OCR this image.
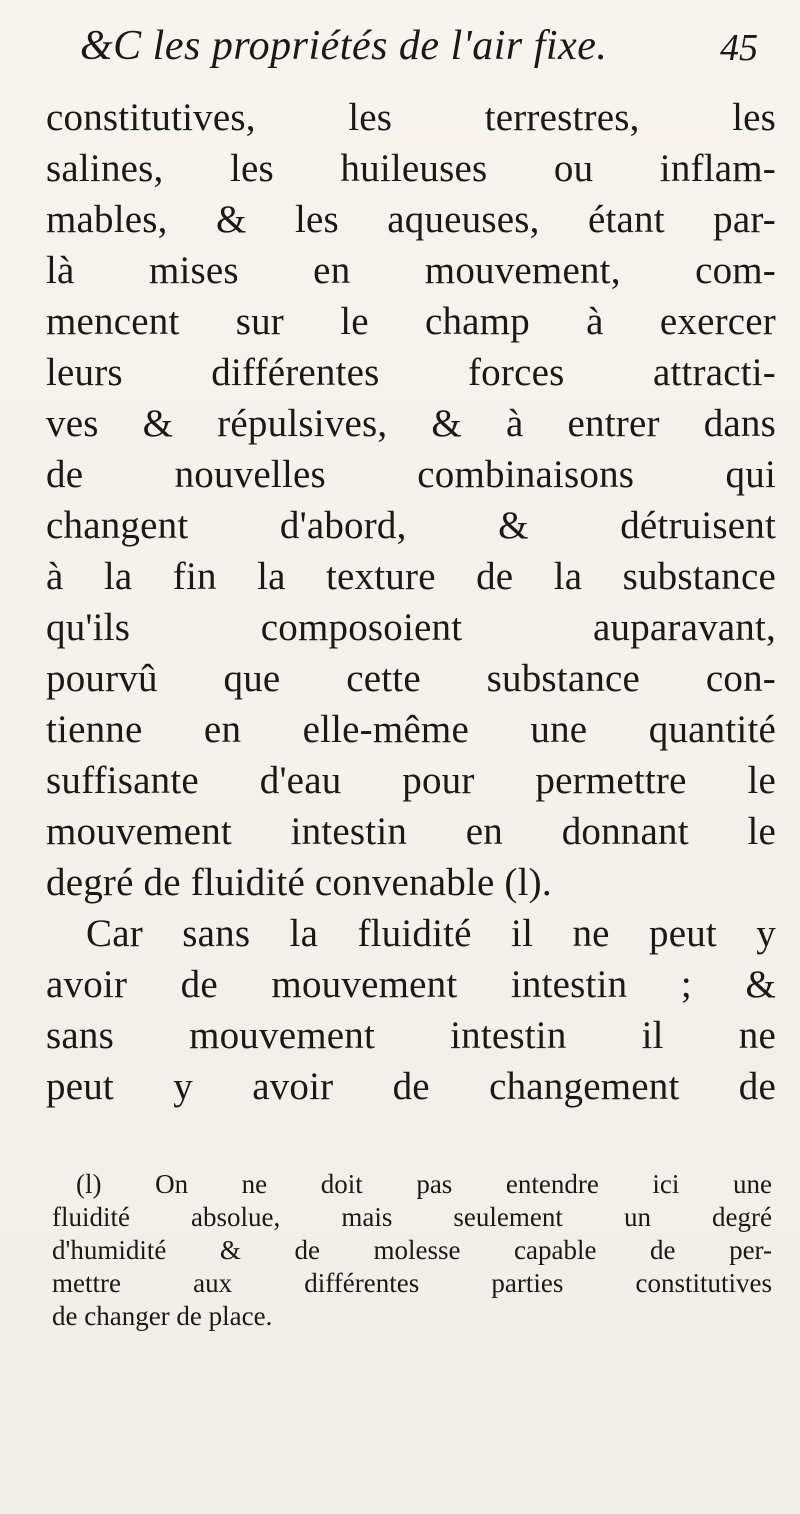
&C les propriétés de l'air fixe.	45
constitutives, les terrestres, les
salines, les huileuses ou inflam-
mables, & les aqueuses, étant par-
là mises en mouvement, com-
mencent sur le champ à exercer
leurs différentes forces attracti-
ves & répulsives, & à entrer dans
de nouvelles combinaisons qui
changent d'abord, & détruisent
à la fin la texture de la substance
qu'ils composoient auparavant,
pourvû que cette substance con-
tienne en elle-même une quantité
suffisante d'eau pour permettre le
mouvement intestin en donnant le
degré de fluidité convenable (l).
Car sans la fluidité il ne peut y
avoir de mouvement intestin ; &
sans mouvement intestin il ne
peut y avoir de changement de
(l) On ne doit pas entendre ici une
fluidité absolue, mais seulement un degré
d'humidité & de molesse capable de per-
mettre aux différentes parties constitutives
de changer de place.
